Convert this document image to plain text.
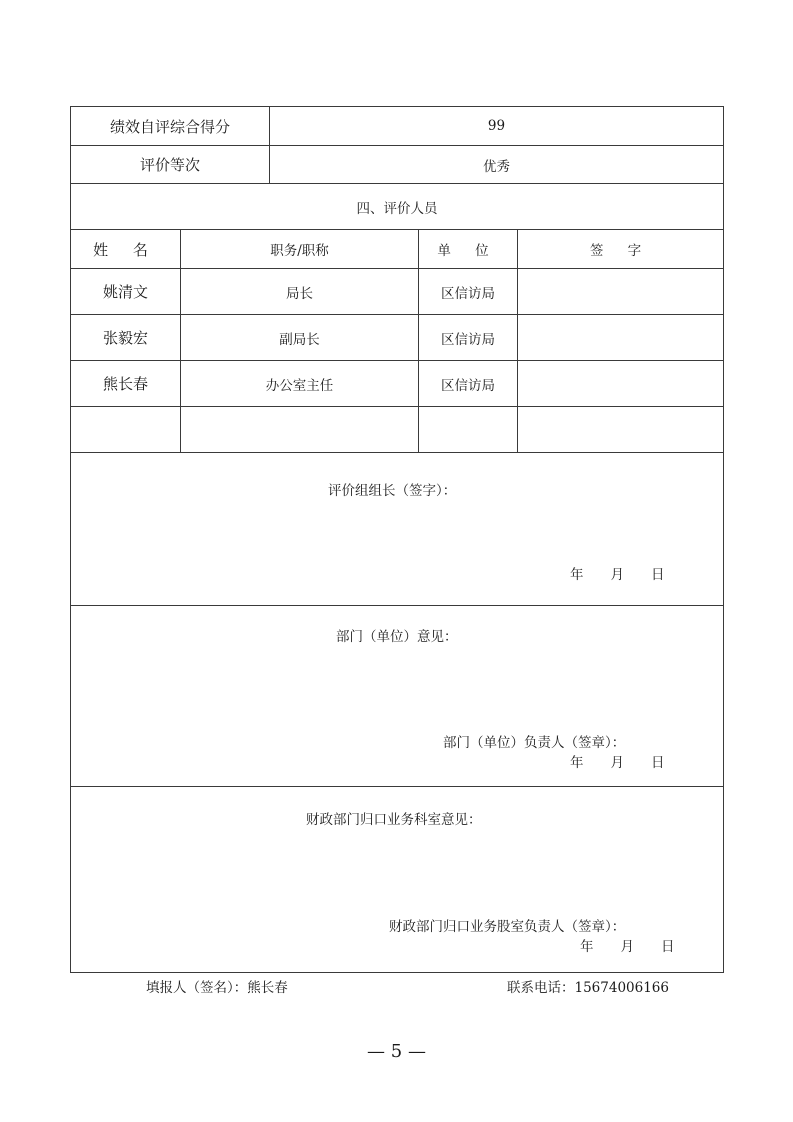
绩效自评综合得分	99
评价等次	优秀
四、评价人员
姓 名	职务/职称	单 位	签 字
姚清文	局长	区信访局
张毅宏	副局长	区信访局
熊长春	办公室主任	区信访局
评价组组长（签字）：
年　　月　　日
部门（单位）意见：
部门（单位）负责人（签章）：
年　　月　　日
财政部门归口业务科室意见：
财政部门归口业务股室负责人（签章）：
年　　月　　日
填报人（签名）：熊长春	联系电话：15674006166
— 5 —
